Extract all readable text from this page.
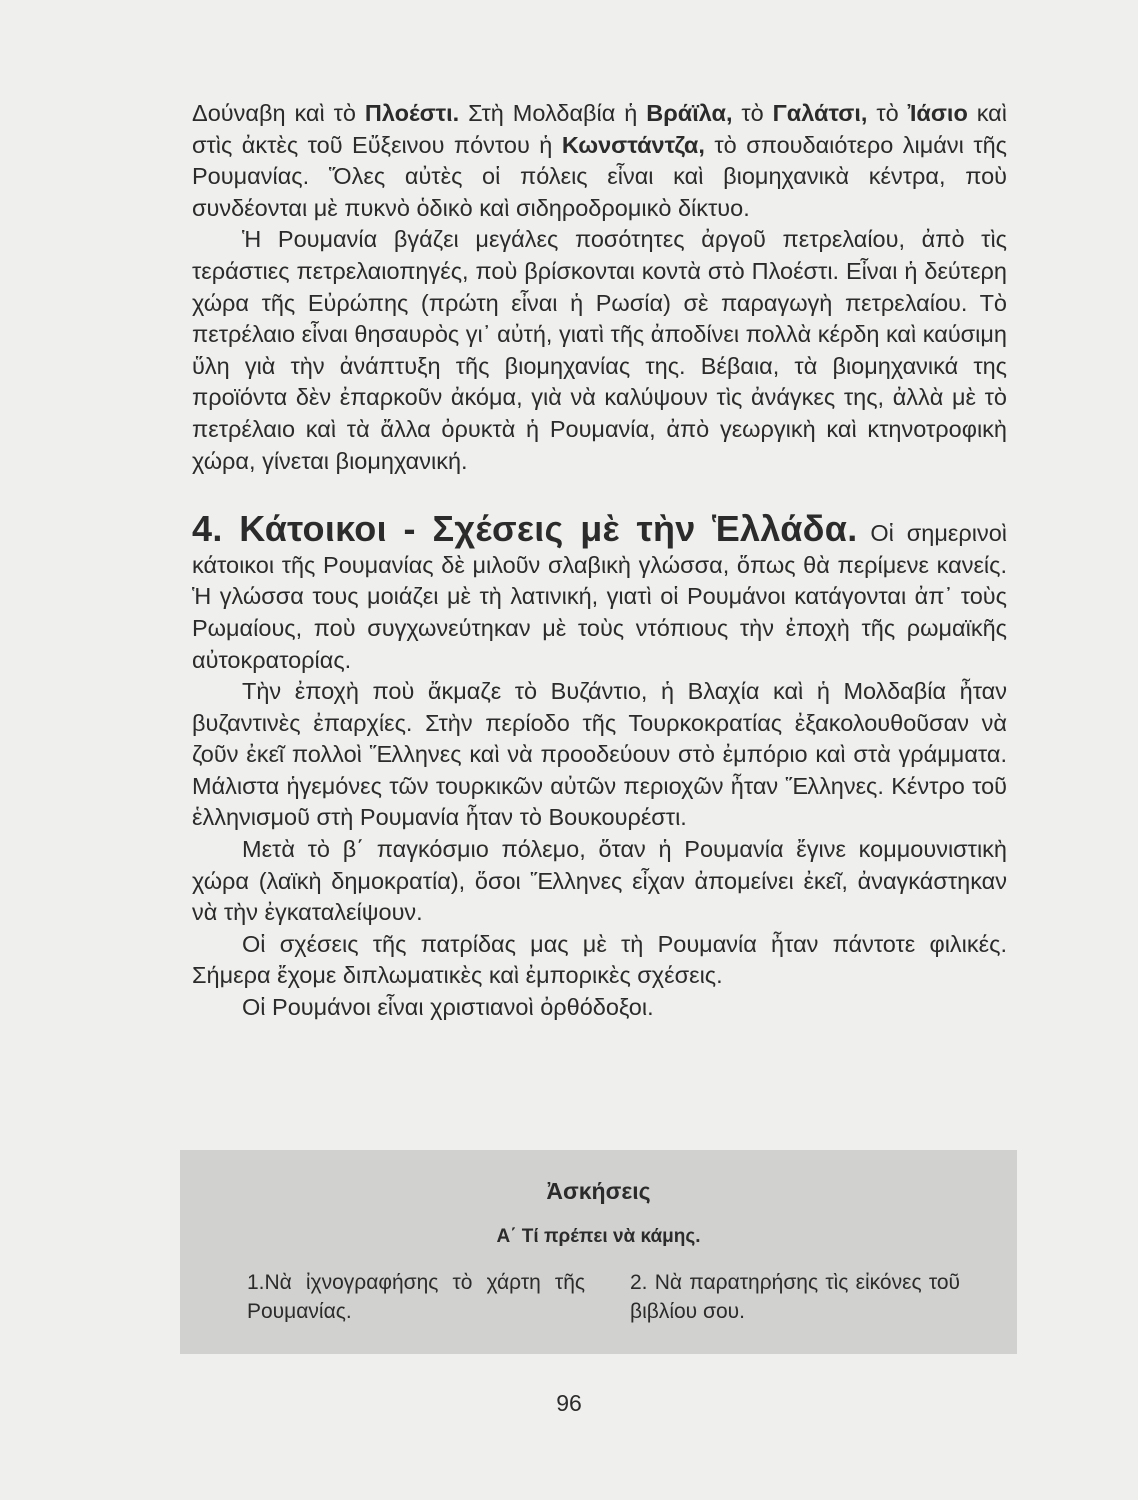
Δούναβη καὶ τὸ Πλοέστι. Στὴ Μολδαβία ἡ Βράϊλα, τὸ Γαλάτσι, τὸ Ἰάσιο καὶ στὶς ἀκτὲς τοῦ Εὔξεινου πόντου ἡ Κωνστάντζα, τὸ σπουδαιότερο λιμάνι τῆς Ρουμανίας. Ὅλες αὐτὲς οἱ πόλεις εἶναι καὶ βιομηχανικὰ κέντρα, ποὺ συνδέονται μὲ πυκνὸ ὁδικὸ καὶ σιδηροδρομικὸ δίκτυο.

Ἡ Ρουμανία βγάζει μεγάλες ποσότητες ἀργοῦ πετρελαίου, ἀπὸ τὶς τεράστιες πετρελαιοπηγές, ποὺ βρίσκονται κοντὰ στὸ Πλοέστι. Εἶναι ἡ δεύτερη χώρα τῆς Εὐρώπης (πρώτη εἶναι ἡ Ρωσία) σὲ παραγωγὴ πετρελαίου. Τὸ πετρέλαιο εἶναι θησαυρὸς γι᾽ αὐτή, γιατὶ τῆς ἀποδίνει πολλὰ κέρδη καὶ καύσιμη ὕλη γιὰ τὴν ἀνάπτυξη τῆς βιομηχανίας της. Βέβαια, τὰ βιομηχανικά της προϊόντα δὲν ἐπαρκοῦν ἀκόμα, γιὰ νὰ καλύψουν τὶς ἀνάγκες της, ἀλλὰ μὲ τὸ πετρέλαιο καὶ τὰ ἄλλα ὀρυκτὰ ἡ Ρουμανία, ἀπὸ γεωργικὴ καὶ κτηνοτροφικὴ χώρα, γίνεται βιομηχανική.

4. Κάτοικοι - Σχέσεις μὲ τὴν Ἑλλάδα. Οἱ σημερινοὶ κάτοικοι τῆς Ρουμανίας δὲ μιλοῦν σλαβικὴ γλώσσα, ὅπως θὰ περίμενε κανείς. Ἡ γλώσσα τους μοιάζει μὲ τὴ λατινική, γιατὶ οἱ Ρουμάνοι κατάγονται ἀπ᾽ τοὺς Ρωμαίους, ποὺ συγχωνεύτηκαν μὲ τοὺς ντόπιους τὴν ἐποχὴ τῆς ρωμαϊκῆς αὐτοκρατορίας.

Τὴν ἐποχὴ ποὺ ἄκμαζε τὸ Βυζάντιο, ἡ Βλαχία καὶ ἡ Μολδαβία ἦταν βυζαντινὲς ἐπαρχίες. Στὴν περίοδο τῆς Τουρκοκρατίας ἐξακολουθοῦσαν νὰ ζοῦν ἐκεῖ πολλοὶ Ἕλληνες καὶ νὰ προοδεύουν στὸ ἐμπόριο καὶ στὰ γράμματα. Μάλιστα ἡγεμόνες τῶν τουρκικῶν αὐτῶν περιοχῶν ἦταν Ἕλληνες. Κέντρο τοῦ ἑλληνισμοῦ στὴ Ρουμανία ἦταν τὸ Βουκουρέστι.

Μετὰ τὸ β΄ παγκόσμιο πόλεμο, ὅταν ἡ Ρουμανία ἔγινε κομμουνιστικὴ χώρα (λαϊκὴ δημοκρατία), ὅσοι Ἕλληνες εἶχαν ἀπομείνει ἐκεῖ, ἀναγκάστηκαν νὰ τὴν ἐγκαταλείψουν.

Οἱ σχέσεις τῆς πατρίδας μας μὲ τὴ Ρουμανία ἦταν πάντοτε φιλικές. Σήμερα ἔχομε διπλωματικὲς καὶ ἐμπορικὲς σχέσεις.

Οἱ Ρουμάνοι εἶναι χριστιανοὶ ὀρθόδοξοι.

Ἀσκήσεις
Α΄ Τί πρέπει νὰ κάμης.
1.Νὰ ἰχνογραφήσης τὸ χάρτη τῆς Ρουμανίας.
2. Νὰ παρατηρήσης τὶς εἰκόνες τοῦ βιβλίου σου.
96
